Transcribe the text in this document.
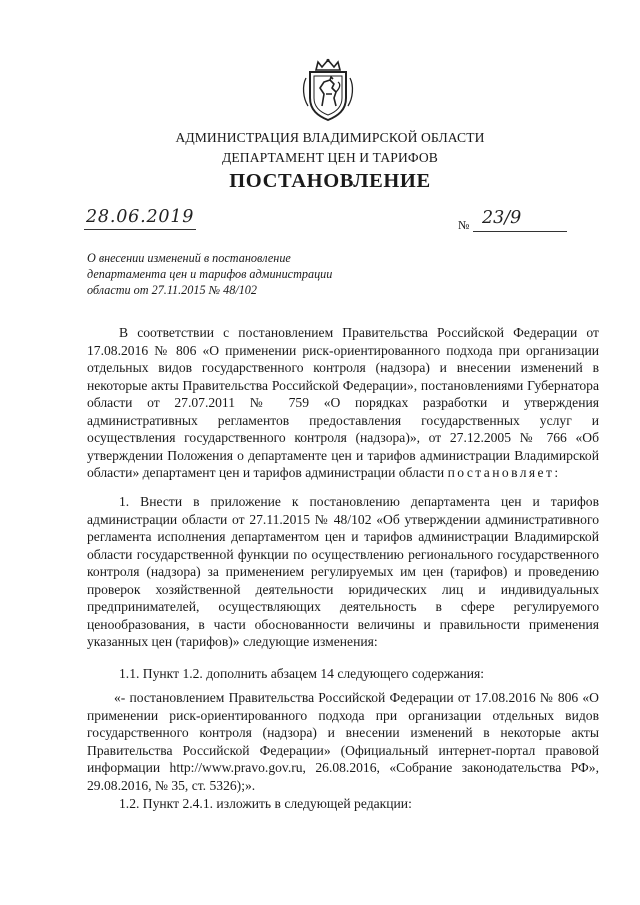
АДМИНИСТРАЦИЯ ВЛАДИМИРСКОЙ ОБЛАСТИ
ДЕПАРТАМЕНТ ЦЕН И ТАРИФОВ
ПОСТАНОВЛЕНИЕ
28.06.2019	№ 23/9
О внесении изменений в постановление
департамента цен и тарифов администрации
области от 27.11.2015 № 48/102

В соответствии с постановлением Правительства Российской Федерации от 17.08.2016 № 806 «О применении риск-ориентированного подхода при организации отдельных видов государственного контроля (надзора) и внесении изменений в некоторые акты Правительства Российской Федерации», постановлениями Губернатора области от 27.07.2011 № 759 «О порядках разработки и утверждения административных регламентов предоставления государственных услуг и осуществления государственного контроля (надзора)», от 27.12.2005 № 766 «Об утверждении Положения о департаменте цен и тарифов администрации Владимирской области» департамент цен и тарифов администрации области постановляет:

1. Внести в приложение к постановлению департамента цен и тарифов администрации области от 27.11.2015 № 48/102 «Об утверждении административного регламента исполнения департаментом цен и тарифов администрации Владимирской области государственной функции по осуществлению регионального государственного контроля (надзора) за применением регулируемых им цен (тарифов) и проведению проверок хозяйственной деятельности юридических лиц и индивидуальных предпринимателей, осуществляющих деятельность в сфере регулируемого ценообразования, в части обоснованности величины и правильности применения указанных цен (тарифов)» следующие изменения:

1.1. Пункт 1.2. дополнить абзацем 14 следующего содержания:

«- постановлением Правительства Российской Федерации от 17.08.2016 № 806 «О применении риск-ориентированного подхода при организации отдельных видов государственного контроля (надзора) и внесении изменений в некоторые акты Правительства Российской Федерации» (Официальный интернет-портал правовой информации http://www.pravo.gov.ru, 26.08.2016, «Собрание законодательства РФ», 29.08.2016, № 35, ст. 5326);».

1.2. Пункт 2.4.1. изложить в следующей редакции:
